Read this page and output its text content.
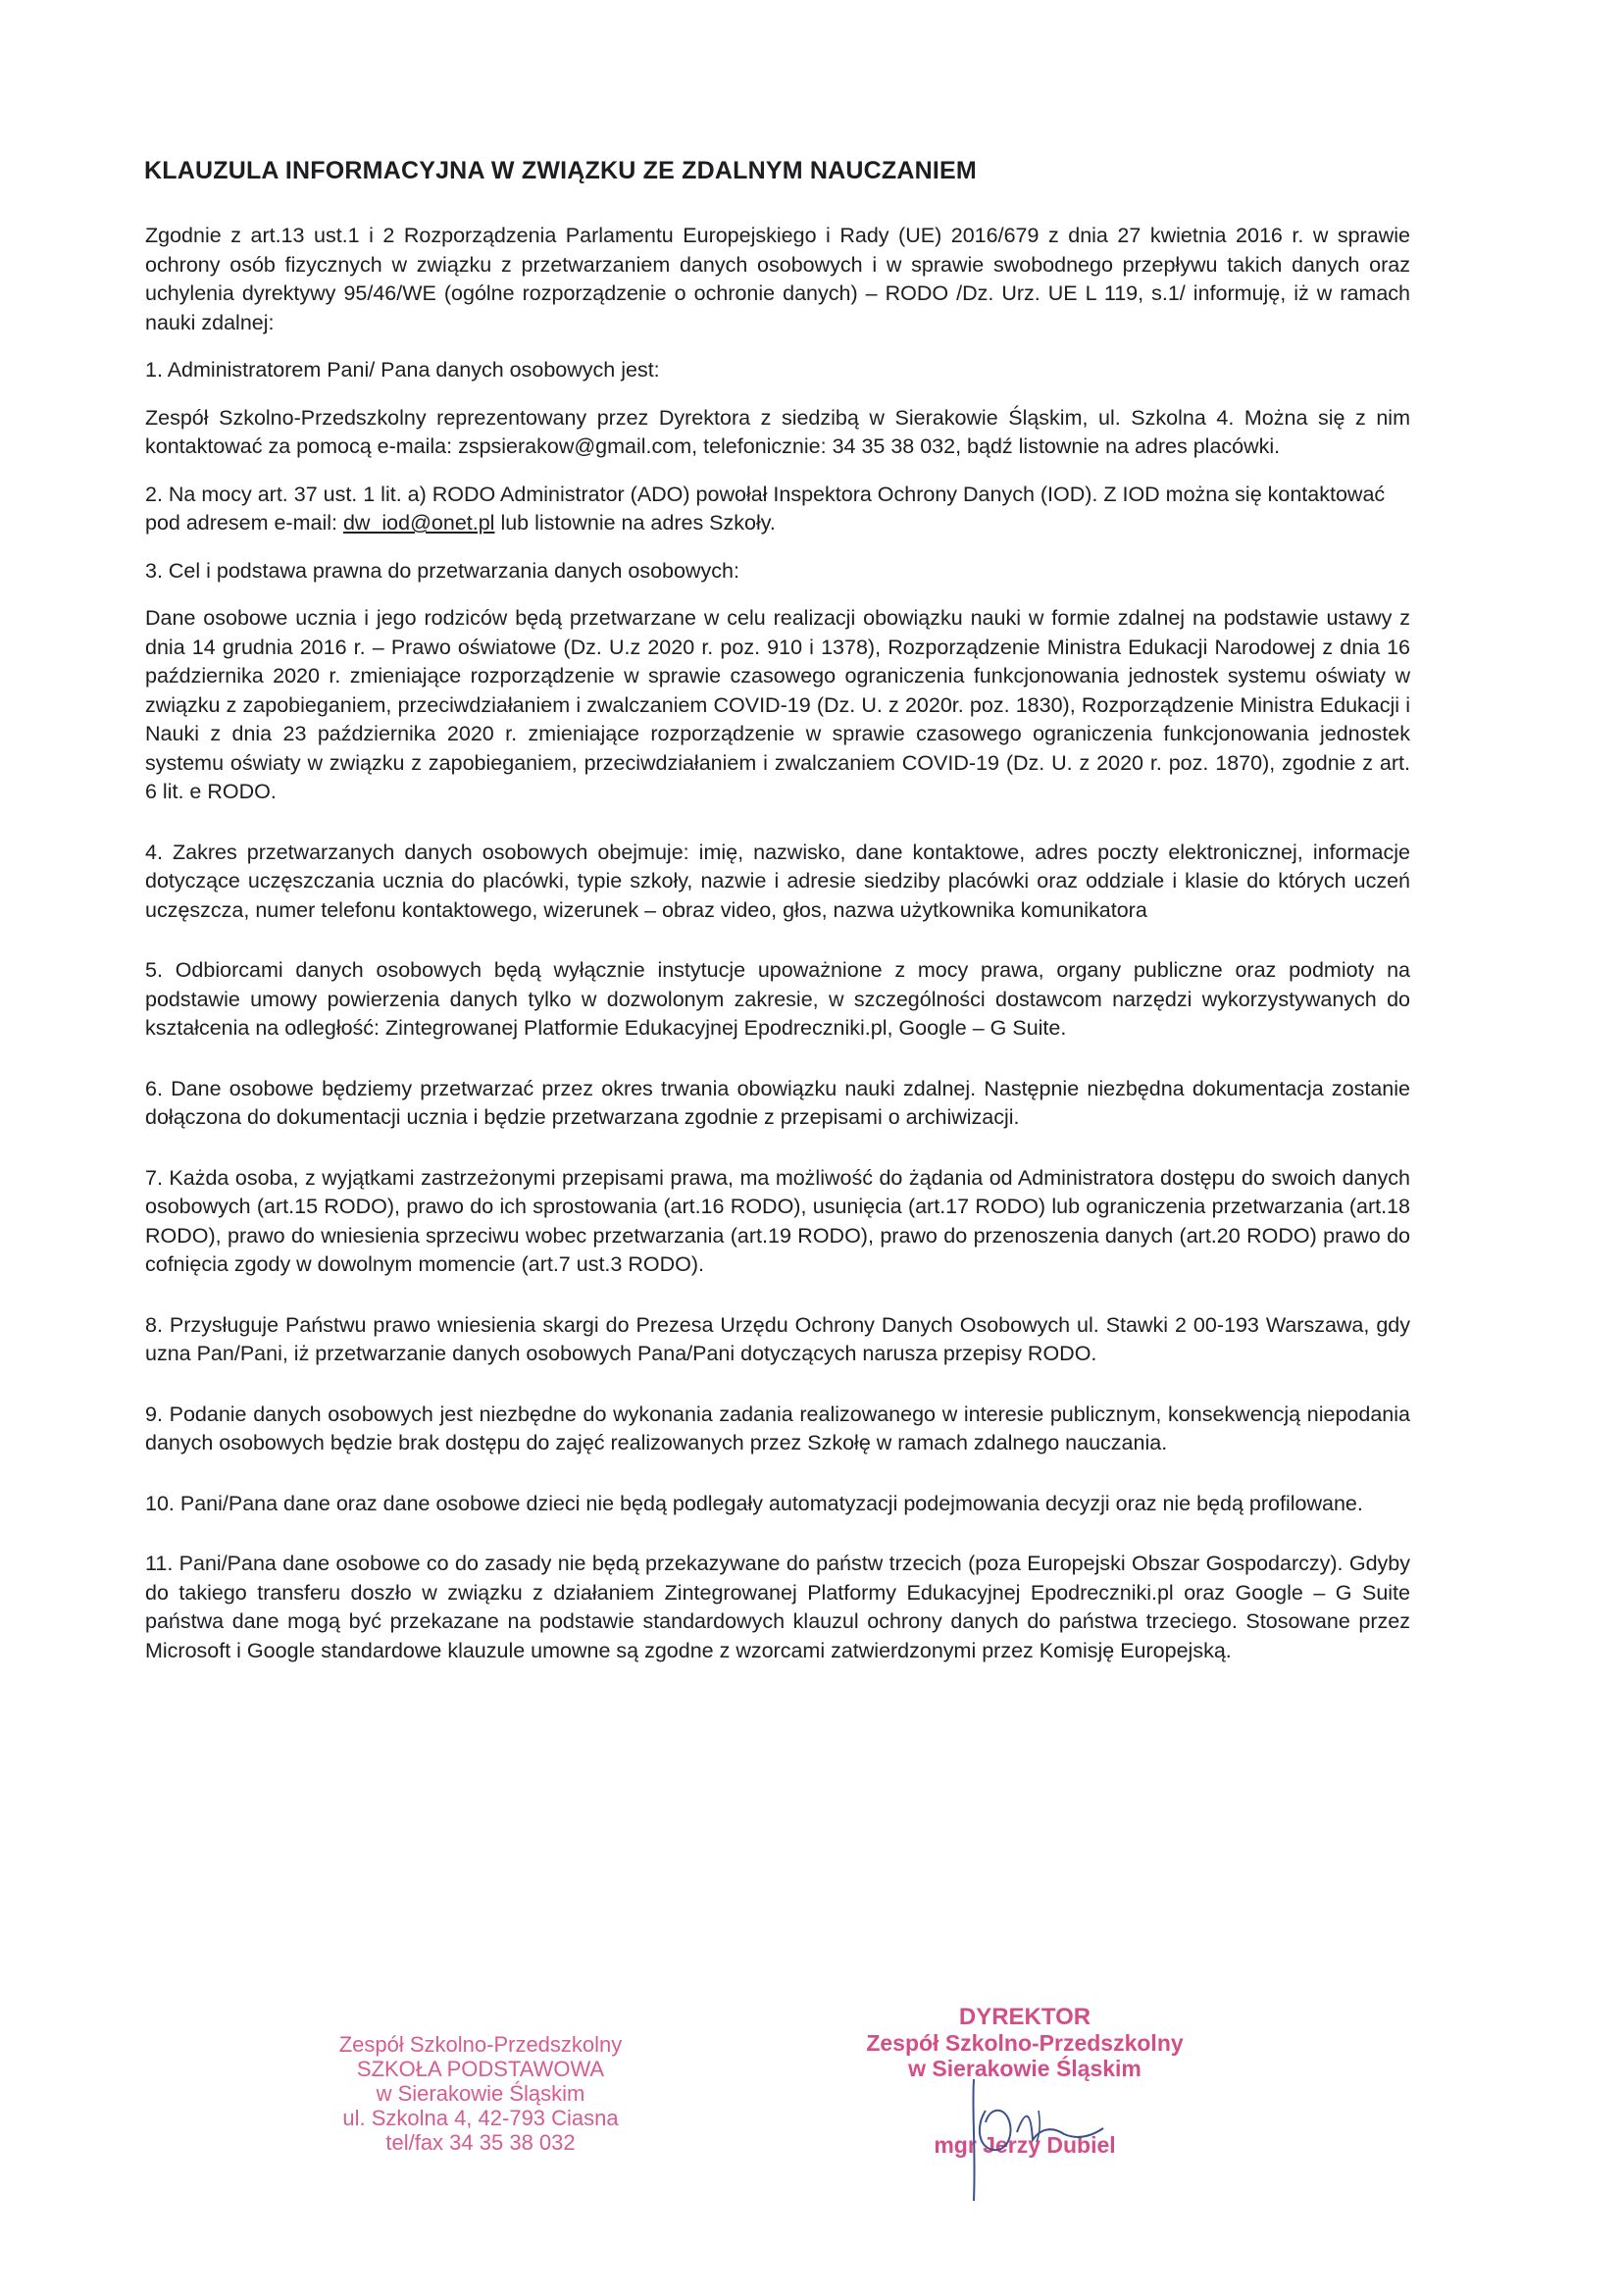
KLAUZULA INFORMACYJNA W ZWIĄZKU ZE ZDALNYM NAUCZANIEM

Zgodnie z art.13 ust.1 i 2 Rozporządzenia Parlamentu Europejskiego i Rady (UE) 2016/679 z dnia 27 kwietnia 2016 r. w sprawie ochrony osób fizycznych w związku z przetwarzaniem danych osobowych i w sprawie swobodnego przepływu takich danych oraz uchylenia dyrektywy 95/46/WE (ogólne rozporządzenie o ochronie danych) – RODO /Dz. Urz. UE L 119, s.1/ informuję, iż w ramach nauki zdalnej:

1. Administratorem Pani/ Pana danych osobowych jest:

Zespół Szkolno-Przedszkolny reprezentowany przez Dyrektora z siedzibą w Sierakowie Śląskim, ul. Szkolna 4. Można się z nim kontaktować za pomocą e-maila: zspsierakow@gmail.com, telefonicznie: 34 35 38 032, bądź listownie na adres placówki.

2. Na mocy art. 37 ust. 1 lit. a) RODO Administrator (ADO) powołał Inspektora Ochrony Danych (IOD). Z IOD można się kontaktować pod adresem e-mail: dw_iod@onet.pl lub listownie na adres Szkoły.

3. Cel i podstawa prawna do przetwarzania danych osobowych:

Dane osobowe ucznia i jego rodziców będą przetwarzane w celu realizacji obowiązku nauki w formie zdalnej na podstawie ustawy z dnia 14 grudnia 2016 r. – Prawo oświatowe (Dz. U.z 2020 r. poz. 910 i 1378), Rozporządzenie Ministra Edukacji Narodowej z dnia 16 października 2020 r. zmieniające rozporządzenie w sprawie czasowego ograniczenia funkcjonowania jednostek systemu oświaty w związku z zapobieganiem, przeciwdziałaniem i zwalczaniem COVID-19 (Dz. U. z 2020r. poz. 1830), Rozporządzenie Ministra Edukacji i Nauki z dnia 23 października 2020 r. zmieniające rozporządzenie w sprawie czasowego ograniczenia funkcjonowania jednostek systemu oświaty w związku z zapobieganiem, przeciwdziałaniem i zwalczaniem COVID-19 (Dz. U. z 2020 r. poz. 1870), zgodnie z art. 6 lit. e RODO.

4. Zakres przetwarzanych danych osobowych obejmuje: imię, nazwisko, dane kontaktowe, adres poczty elektronicznej, informacje dotyczące uczęszczania ucznia do placówki, typie szkoły, nazwie i adresie siedziby placówki oraz oddziale i klasie do których uczeń uczęszcza, numer telefonu kontaktowego, wizerunek – obraz video, głos, nazwa użytkownika komunikatora

5. Odbiorcami danych osobowych będą wyłącznie instytucje upoważnione z mocy prawa, organy publiczne oraz podmioty na podstawie umowy powierzenia danych tylko w dozwolonym zakresie, w szczególności dostawcom narzędzi wykorzystywanych do kształcenia na odległość: Zintegrowanej Platformie Edukacyjnej Epodreczniki.pl, Google – G Suite.

6. Dane osobowe będziemy przetwarzać przez okres trwania obowiązku nauki zdalnej. Następnie niezbędna dokumentacja zostanie dołączona do dokumentacji ucznia i będzie przetwarzana zgodnie z przepisami o archiwizacji.

7. Każda osoba, z wyjątkami zastrzeżonymi przepisami prawa, ma możliwość do żądania od Administratora dostępu do swoich danych osobowych (art.15 RODO), prawo do ich sprostowania (art.16 RODO), usunięcia (art.17 RODO) lub ograniczenia przetwarzania (art.18 RODO), prawo do wniesienia sprzeciwu wobec przetwarzania (art.19 RODO), prawo do przenoszenia danych (art.20 RODO) prawo do cofnięcia zgody w dowolnym momencie (art.7 ust.3 RODO).

8. Przysługuje Państwu prawo wniesienia skargi do Prezesa Urzędu Ochrony Danych Osobowych ul. Stawki 2 00-193 Warszawa, gdy uzna Pan/Pani, iż przetwarzanie danych osobowych Pana/Pani dotyczących narusza przepisy RODO.

9. Podanie danych osobowych jest niezbędne do wykonania zadania realizowanego w interesie publicznym, konsekwencją niepodania danych osobowych będzie brak dostępu do zajęć realizowanych przez Szkołę w ramach zdalnego nauczania.

10. Pani/Pana dane oraz dane osobowe dzieci nie będą podlegały automatyzacji podejmowania decyzji oraz nie będą profilowane.

11. Pani/Pana dane osobowe co do zasady nie będą przekazywane do państw trzecich (poza Europejski Obszar Gospodarczy). Gdyby do takiego transferu doszło w związku z działaniem Zintegrowanej Platformy Edukacyjnej Epodreczniki.pl oraz Google – G Suite państwa dane mogą być przekazane na podstawie standardowych klauzul ochrony danych do państwa trzeciego. Stosowane przez Microsoft i Google standardowe klauzule umowne są zgodne z wzorcami zatwierdzonymi przez Komisję Europejską.

Zespół Szkolno-Przedszkolny
SZKOŁA PODSTAWOWA
w Sierakowie Śląskim
ul. Szkolna 4, 42-793 Ciasna
tel/fax 34 35 38 032
DYREKTOR
Zespół Szkolno-Przedszkolny
w Sierakowie Śląskim
mgr Jerzy Dubiel
